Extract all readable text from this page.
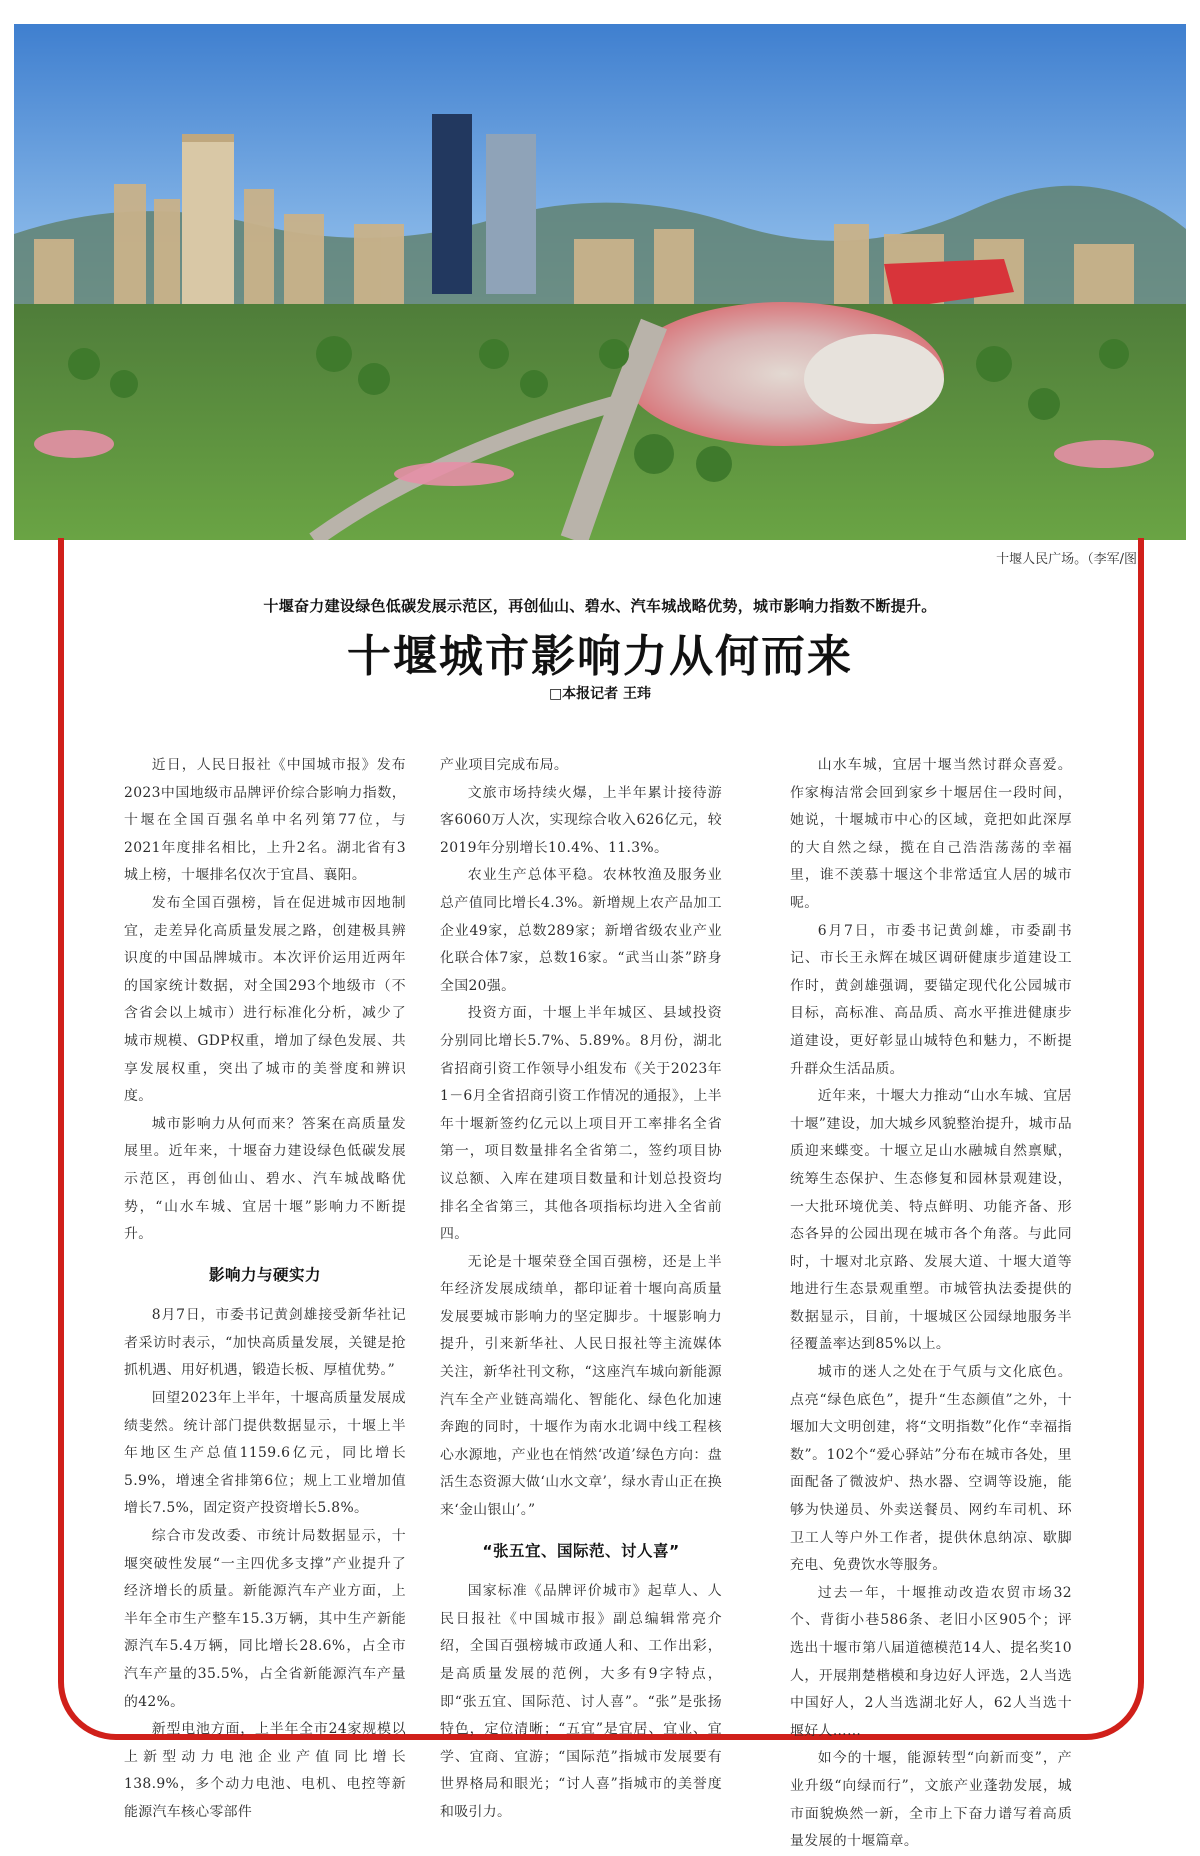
十堰人民广场。（李军/图）
十堰奋力建设绿色低碳发展示范区，再创仙山、碧水、汽车城战略优势，城市影响力指数不断提升。
十堰城市影响力从何而来
□本报记者 王玮

近日，人民日报社《中国城市报》发布2023中国地级市品牌评价综合影响力指数，十堰在全国百强名单中名列第77位，与2021年度排名相比，上升2名。湖北省有3城上榜，十堰排名仅次于宜昌、襄阳。

发布全国百强榜，旨在促进城市因地制宜，走差异化高质量发展之路，创建极具辨识度的中国品牌城市。本次评价运用近两年的国家统计数据，对全国293个地级市（不含省会以上城市）进行标准化分析，减少了城市规模、GDP权重，增加了绿色发展、共享发展权重，突出了城市的美誉度和辨识度。

城市影响力从何而来？答案在高质量发展里。近年来，十堰奋力建设绿色低碳发展示范区，再创仙山、碧水、汽车城战略优势，“山水车城、宜居十堰”影响力不断提升。

影响力与硬实力

8月7日，市委书记黄剑雄接受新华社记者采访时表示，“加快高质量发展，关键是抢抓机遇、用好机遇，锻造长板、厚植优势。”

回望2023年上半年，十堰高质量发展成绩斐然。统计部门提供数据显示，十堰上半年地区生产总值1159.6亿元，同比增长5.9%，增速全省排第6位；规上工业增加值增长7.5%，固定资产投资增长5.8%。

综合市发改委、市统计局数据显示，十堰突破性发展“一主四优多支撑”产业提升了经济增长的质量。新能源汽车产业方面，上半年全市生产整车15.3万辆，其中生产新能源汽车5.4万辆，同比增长28.6%，占全市汽车产量的35.5%，占全省新能源汽车产量的42%。

新型电池方面，上半年全市24家规模以上新型动力电池企业产值同比增长138.9%，多个动力电池、电机、电控等新能源汽车核心零部件

产业项目完成布局。

文旅市场持续火爆，上半年累计接待游客6060万人次，实现综合收入626亿元，较2019年分别增长10.4%、11.3%。

农业生产总体平稳。农林牧渔及服务业总产值同比增长4.3%。新增规上农产品加工企业49家，总数289家；新增省级农业产业化联合体7家，总数16家。“武当山茶”跻身全国20强。

投资方面，十堰上半年城区、县域投资分别同比增长5.7%、5.89%。8月份，湖北省招商引资工作领导小组发布《关于2023年1－6月全省招商引资工作情况的通报》，上半年十堰新签约亿元以上项目开工率排名全省第一，项目数量排名全省第二，签约项目协议总额、入库在建项目数量和计划总投资均排名全省第三，其他各项指标均进入全省前四。

无论是十堰荣登全国百强榜，还是上半年经济发展成绩单，都印证着十堰向高质量发展要城市影响力的坚定脚步。十堰影响力提升，引来新华社、人民日报社等主流媒体关注，新华社刊文称，“这座汽车城向新能源汽车全产业链高端化、智能化、绿色化加速奔跑的同时，十堰作为南水北调中线工程核心水源地，产业也在悄然‘改道’绿色方向：盘活生态资源大做‘山水文章’，绿水青山正在换来‘金山银山’。”

“张五宜、国际范、讨人喜”

国家标准《品牌评价城市》起草人、人民日报社《中国城市报》副总编辑常亮介绍，全国百强榜城市政通人和、工作出彩，是高质量发展的范例，大多有9字特点，即“张五宜、国际范、讨人喜”。“张”是张扬特色，定位清晰；“五宜”是宜居、宜业、宜学、宜商、宜游；“国际范”指城市发展要有世界格局和眼光；“讨人喜”指城市的美誉度和吸引力。

山水车城，宜居十堰当然讨群众喜爱。作家梅洁常会回到家乡十堰居住一段时间，她说，十堰城市中心的区域，竟把如此深厚的大自然之绿，揽在自己浩浩荡荡的幸福里，谁不羡慕十堰这个非常适宜人居的城市呢。

6月7日，市委书记黄剑雄，市委副书记、市长王永辉在城区调研健康步道建设工作时，黄剑雄强调，要锚定现代化公园城市目标，高标准、高品质、高水平推进健康步道建设，更好彰显山城特色和魅力，不断提升群众生活品质。

近年来，十堰大力推动“山水车城、宜居十堰”建设，加大城乡风貌整治提升，城市品质迎来蝶变。十堰立足山水融城自然禀赋，统筹生态保护、生态修复和园林景观建设，一大批环境优美、特点鲜明、功能齐备、形态各异的公园出现在城市各个角落。与此同时，十堰对北京路、发展大道、十堰大道等地进行生态景观重塑。市城管执法委提供的数据显示，目前，十堰城区公园绿地服务半径覆盖率达到85%以上。

城市的迷人之处在于气质与文化底色。点亮“绿色底色”，提升“生态颜值”之外，十堰加大文明创建，将“文明指数”化作“幸福指数”。102个“爱心驿站”分布在城市各处，里面配备了微波炉、热水器、空调等设施，能够为快递员、外卖送餐员、网约车司机、环卫工人等户外工作者，提供休息纳凉、歇脚充电、免费饮水等服务。

过去一年，十堰推动改造农贸市场32个、背街小巷586条、老旧小区905个；评选出十堰市第八届道德模范14人、提名奖10人，开展荆楚楷模和身边好人评选，2人当选中国好人，2人当选湖北好人，62人当选十堰好人……

如今的十堰，能源转型“向新而变”，产业升级“向绿而行”，文旅产业蓬勃发展，城市面貌焕然一新，全市上下奋力谱写着高质量发展的十堰篇章。
